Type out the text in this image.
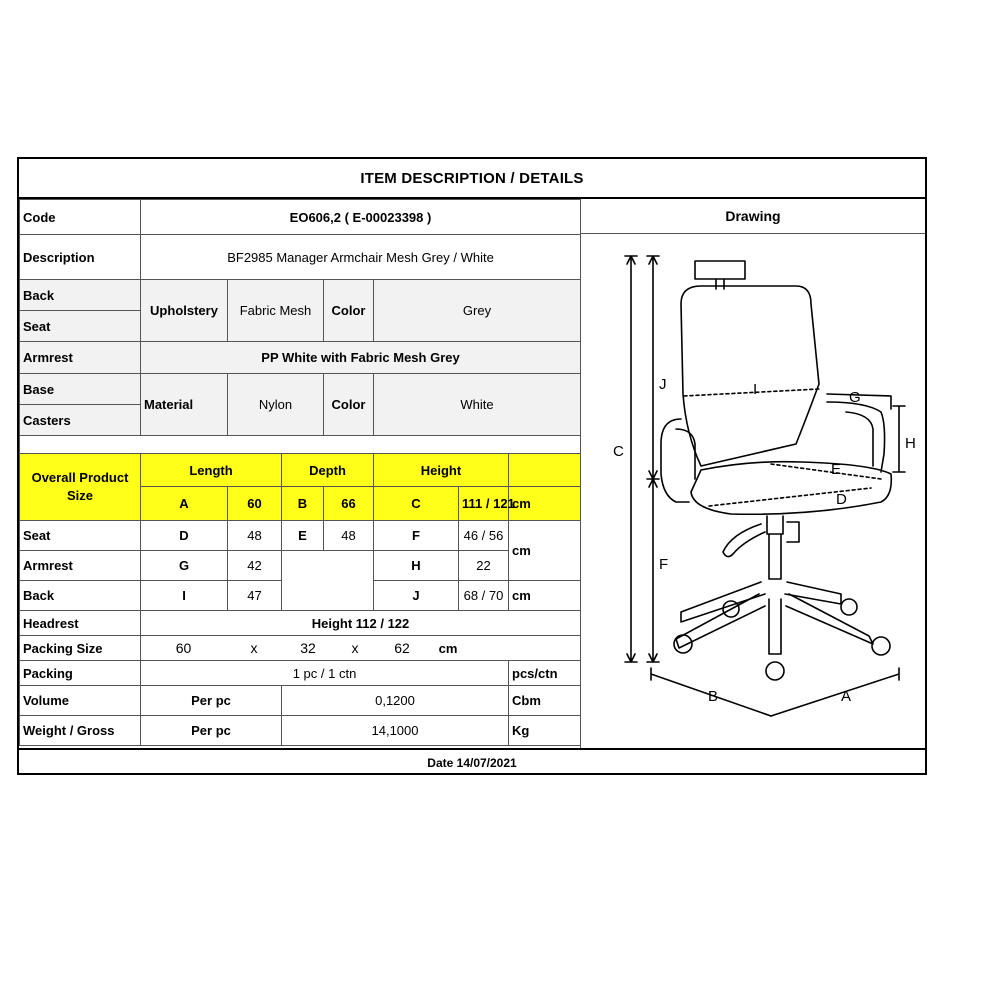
ITEM DESCRIPTION / DETAILS
Code	EO606,2 ( E-00023398 )						
Description	BF2985 Manager Armchair Mesh Grey / White						
Back	Upholstery	Fabric Mesh		Color	Grey		
Seat							
Armrest	PP White with Fabric Mesh Grey						
Base	Material	Nylon		Color	White		
Casters							

Overall Product Size	Length		Depth		Height		
	A	60	B	66	C	111 / 121	cm
Seat	D	48	E	48	F	46 / 56	cm
Armrest	G	42			H	22	
Back	I	47			J	68 / 70	cm
Headrest	Height 112 / 122						
Packing Size	60 x 32 x 62 cm						
Packing	1 pc / 1 ctn						pcs/ctn
Volume	Per pc		0,1200				Cbm
Weight / Gross	Per pc		14,1000				Kg
Drawing
C
J
F
I	G
H
E
D
B	A
Date 14/07/2021
